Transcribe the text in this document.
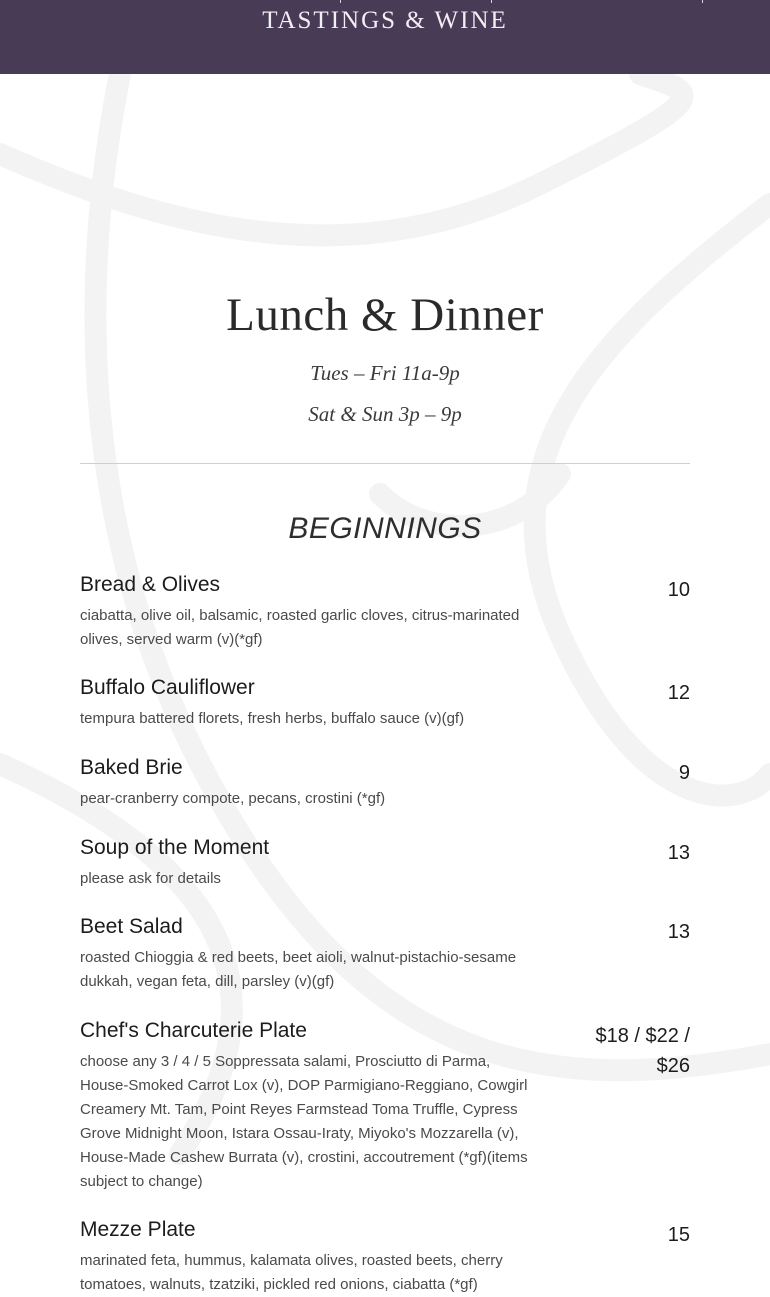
TASTINGS & WINE
Lunch & Dinner
Tues – Fri 11a-9p
Sat & Sun 3p – 9p
BEGINNINGS
Bread & Olives
ciabatta, olive oil, balsamic, roasted garlic cloves, citrus-marinated olives, served warm (v)(*gf)
10
Buffalo Cauliflower
tempura battered florets, fresh herbs, buffalo sauce (v)(gf)
12
Baked Brie
pear-cranberry compote, pecans, crostini (*gf)
9
Soup of the Moment
please ask for details
13
Beet Salad
roasted Chioggia & red beets, beet aioli, walnut-pistachio-sesame dukkah, vegan feta, dill, parsley (v)(gf)
13
Chef's Charcuterie Plate
choose any 3 / 4 / 5 Soppressata salami, Prosciutto di Parma, House-Smoked Carrot Lox (v), DOP Parmigiano-Reggiano, Cowgirl Creamery Mt. Tam, Point Reyes Farmstead Toma Truffle, Cypress Grove Midnight Moon, Istara Ossau-Iraty, Miyoko's Mozzarella (v), House-Made Cashew Burrata (v), crostini, accoutrement (*gf)(items subject to change)
$18 / $22 / $26
Mezze Plate
marinated feta, hummus, kalamata olives, roasted beets, cherry tomatoes, walnuts, tzatziki, pickled red onions, ciabatta (*gf)
15
